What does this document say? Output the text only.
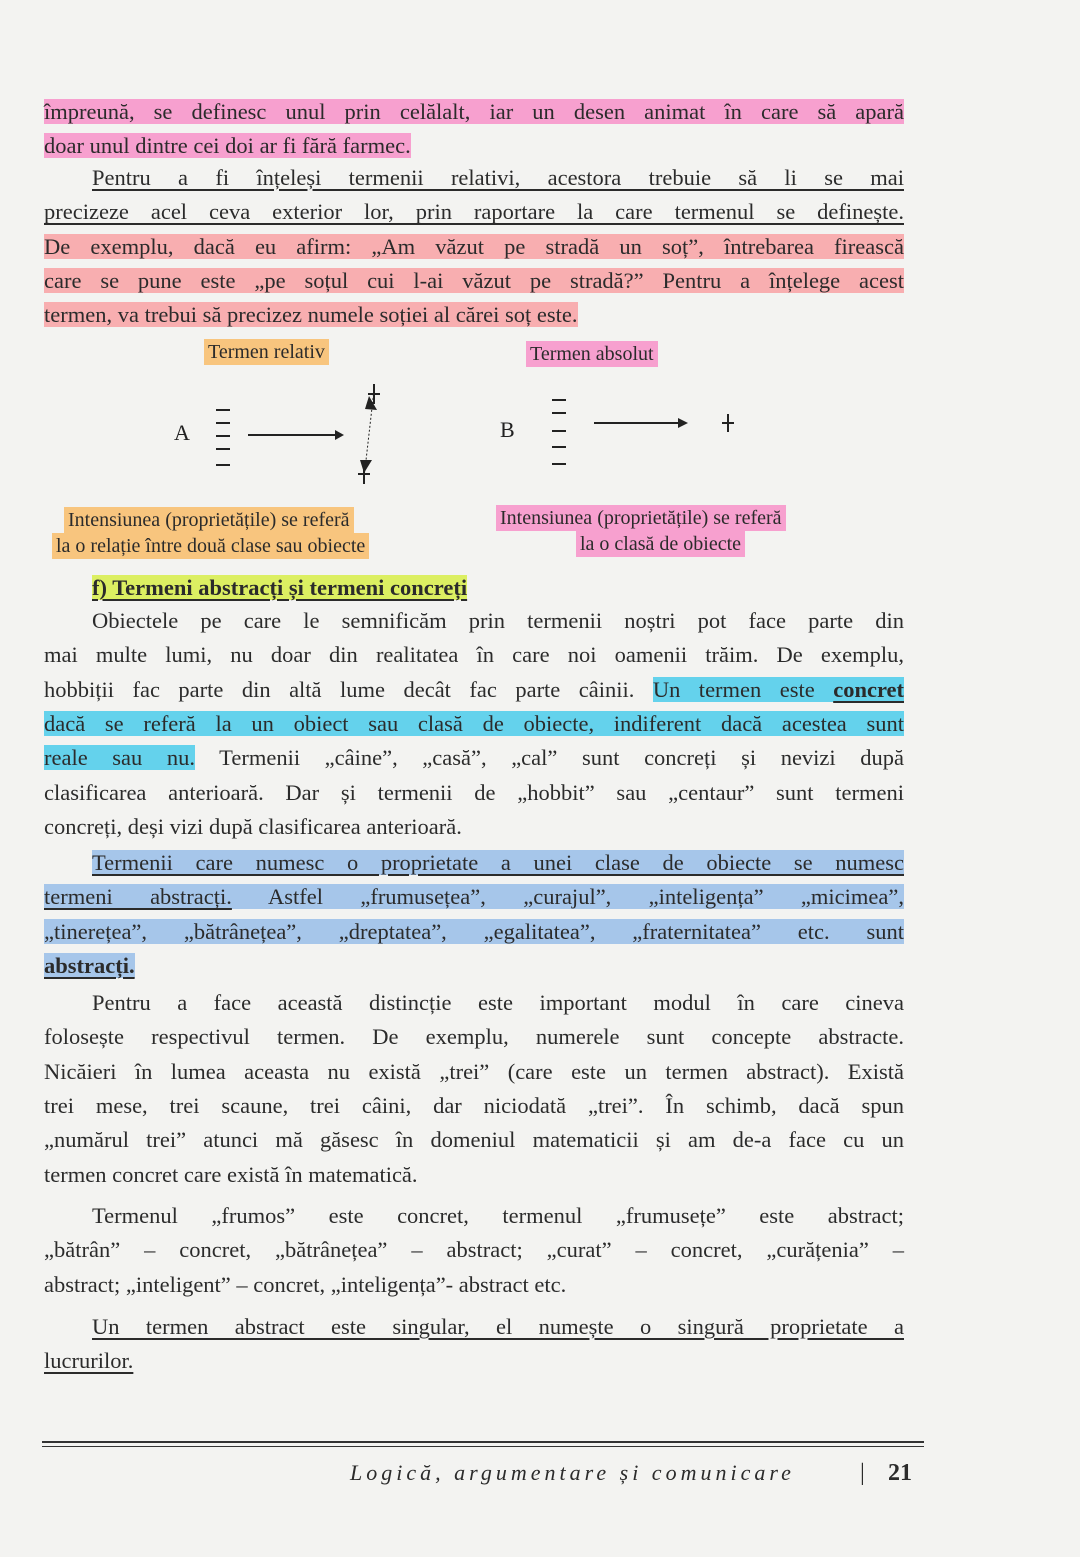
împreună, se definesc unul prin celălalt, iar un desen animat în care să apară
doar unul dintre cei doi ar fi fără farmec.
Pentru a fi înțeleși termenii relativi, acestora trebuie să li se mai
precizeze acel ceva exterior lor, prin raportare la care termenul se definește.
De exemplu, dacă eu afirm: „Am văzut pe stradă un soț”, întrebarea firească
care se pune este „pe soțul cui l-ai văzut pe stradă?” Pentru a înțelege acest
termen, va trebui să precizez numele soției al cărei soț este.
f) Termeni abstracți și termeni concreți
Obiectele pe care le semnificăm prin termenii noștri pot face parte din
mai multe lumi, nu doar din realitatea în care noi oamenii trăim. De exemplu,
hobbiții fac parte din altă lume decât fac parte câinii. Un termen este concret
dacă se referă la un obiect sau clasă de obiecte, indiferent dacă acestea sunt
reale sau nu. Termenii „câine”, „casă”, „cal” sunt concreți și nevizi după
clasificarea anterioară. Dar și termenii de „hobbit” sau „centaur” sunt termeni
concreți, deși vizi după clasificarea anterioară.
Termenii care numesc o proprietate a unei clase de obiecte se numesc
termeni abstracți. Astfel „frumusețea”, „curajul”, „inteligența” „micimea”,
„tinerețea”, „bătrânețea”, „dreptatea”, „egalitatea”, „fraternitatea” etc. sunt
abstracți.
Pentru a face această distincție este important modul în care cineva
folosește respectivul termen. De exemplu, numerele sunt concepte abstracte.
Nicăieri în lumea aceasta nu există „trei” (care este un termen abstract). Există
trei mese, trei scaune, trei câini, dar niciodată „trei”. În schimb, dacă spun
„numărul trei” atunci mă găsesc în domeniul matematicii și am de-a face cu un
termen concret care există în matematică.
Termenul „frumos” este concret, termenul „frumusețe” este abstract;
„bătrân” – concret, „bătrânețea” – abstract; „curat” – concret, „curățenia” –
abstract; „inteligent” – concret, „inteligența”- abstract etc.
Un termen abstract este singular, el numește o singură proprietate a
lucrurilor.
Termen relativ	Termen absolut
A	B
Intensiunea (proprietățile) se referă
la o relație între două clase sau obiecte
Intensiunea (proprietățile) se referă
la o clasă de obiecte
Logică, argumentare și comunicare	| 21
